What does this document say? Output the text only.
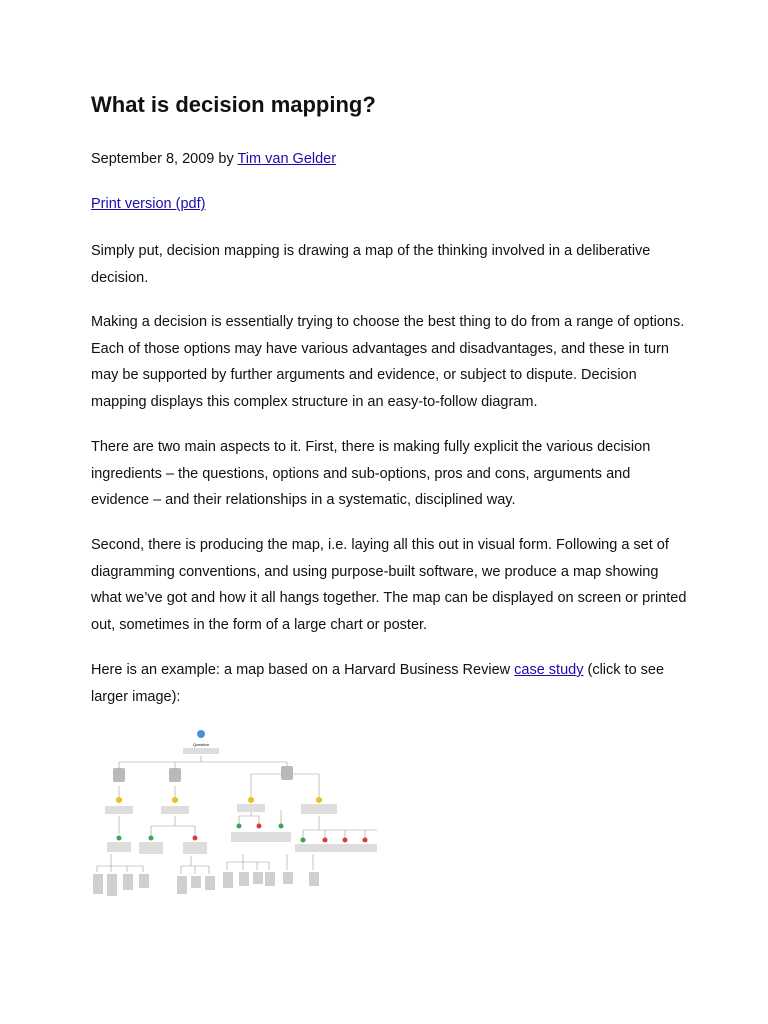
What is decision mapping?
September 8, 2009 by Tim van Gelder
Print version (pdf)

Simply put, decision mapping is drawing a map of the thinking involved in a deliberative decision.

Making a decision is essentially trying to choose the best thing to do from a range of options. Each of those options may have various advantages and disadvantages, and these in turn may be supported by further arguments and evidence, or subject to dispute. Decision mapping displays this complex structure in an easy-to-follow diagram.

There are two main aspects to it. First, there is making fully explicit the various decision ingredients – the questions, options and sub-options, pros and cons, arguments and evidence – and their relationships in a systematic, disciplined way.

Second, there is producing the map, i.e. laying all this out in visual form. Following a set of diagramming conventions, and using purpose-built software, we produce a map showing what we’ve got and how it all hangs together. The map can be displayed on screen or printed out, sometimes in the form of a large chart or poster.

Here is an example: a map based on a Harvard Business Review case study (click to see larger image):

Question
